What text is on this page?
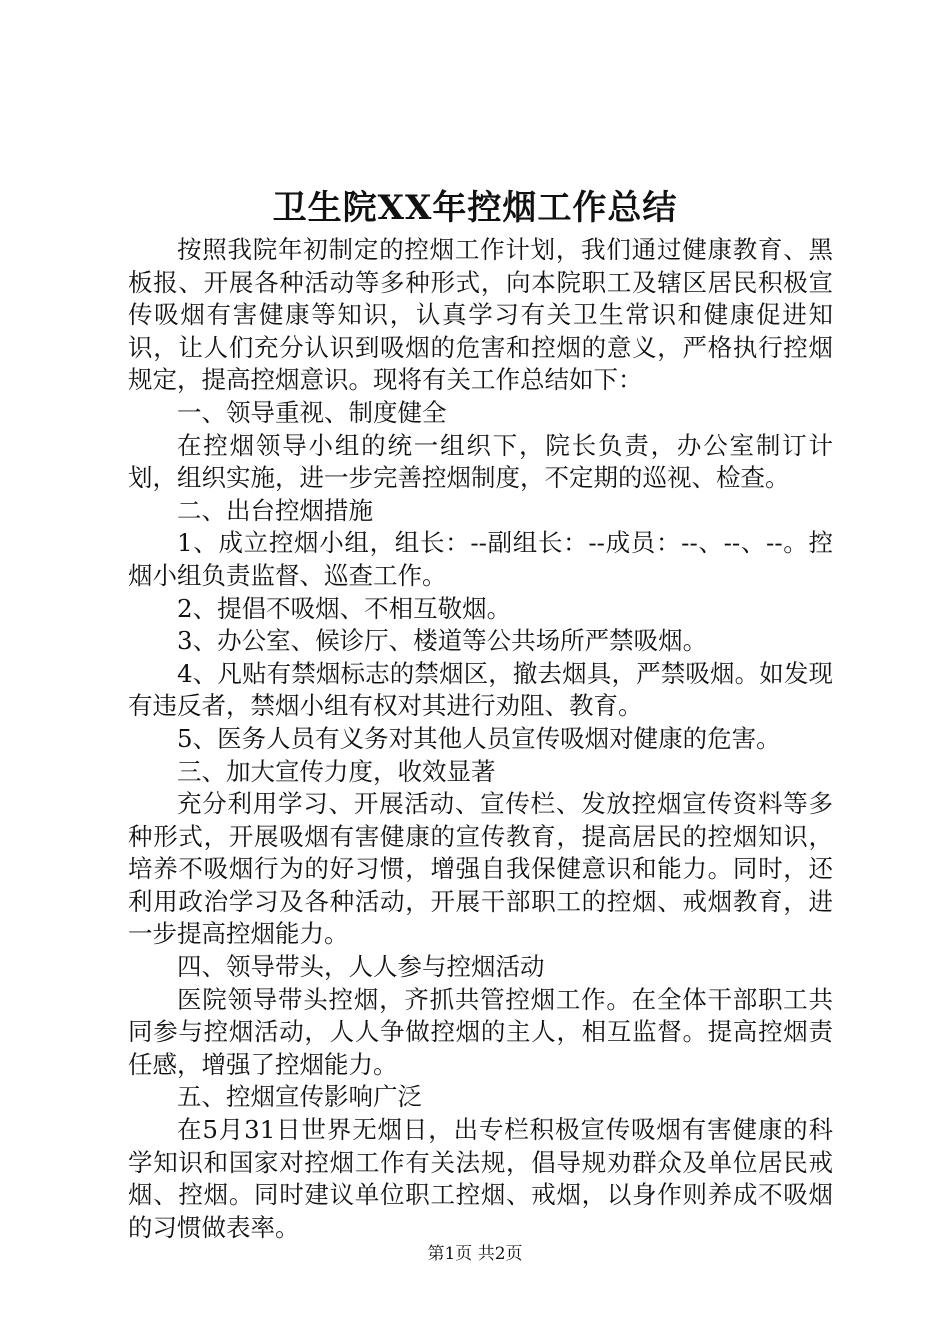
卫生院XX年控烟工作总结

按照我院年初制定的控烟工作计划，我们通过健康教育、黑板报、开展各种活动等多种形式，向本院职工及辖区居民积极宣传吸烟有害健康等知识，认真学习有关卫生常识和健康促进知识，让人们充分认识到吸烟的危害和控烟的意义，严格执行控烟规定，提高控烟意识。现将有关工作总结如下：

一、领导重视、制度健全

在控烟领导小组的统一组织下，院长负责，办公室制订计划，组织实施，进一步完善控烟制度，不定期的巡视、检查。

二、出台控烟措施

1、成立控烟小组，组长：--副组长：--成员：--、--、--。控烟小组负责监督、巡查工作。

2、提倡不吸烟、不相互敬烟。

3、办公室、候诊厅、楼道等公共场所严禁吸烟。

4、凡贴有禁烟标志的禁烟区，撤去烟具，严禁吸烟。如发现有违反者，禁烟小组有权对其进行劝阻、教育。

5、医务人员有义务对其他人员宣传吸烟对健康的危害。

三、加大宣传力度，收效显著

充分利用学习、开展活动、宣传栏、发放控烟宣传资料等多种形式，开展吸烟有害健康的宣传教育，提高居民的控烟知识，培养不吸烟行为的好习惯，增强自我保健意识和能力。同时，还利用政治学习及各种活动，开展干部职工的控烟、戒烟教育，进一步提高控烟能力。

四、领导带头，人人参与控烟活动

医院领导带头控烟，齐抓共管控烟工作。在全体干部职工共同参与控烟活动，人人争做控烟的主人，相互监督。提高控烟责任感，增强了控烟能力。

五、控烟宣传影响广泛

在5月31日世界无烟日，出专栏积极宣传吸烟有害健康的科学知识和国家对控烟工作有关法规，倡导规劝群众及单位居民戒烟、控烟。同时建议单位职工控烟、戒烟，以身作则养成不吸烟的习惯做表率。

第1页 共2页
